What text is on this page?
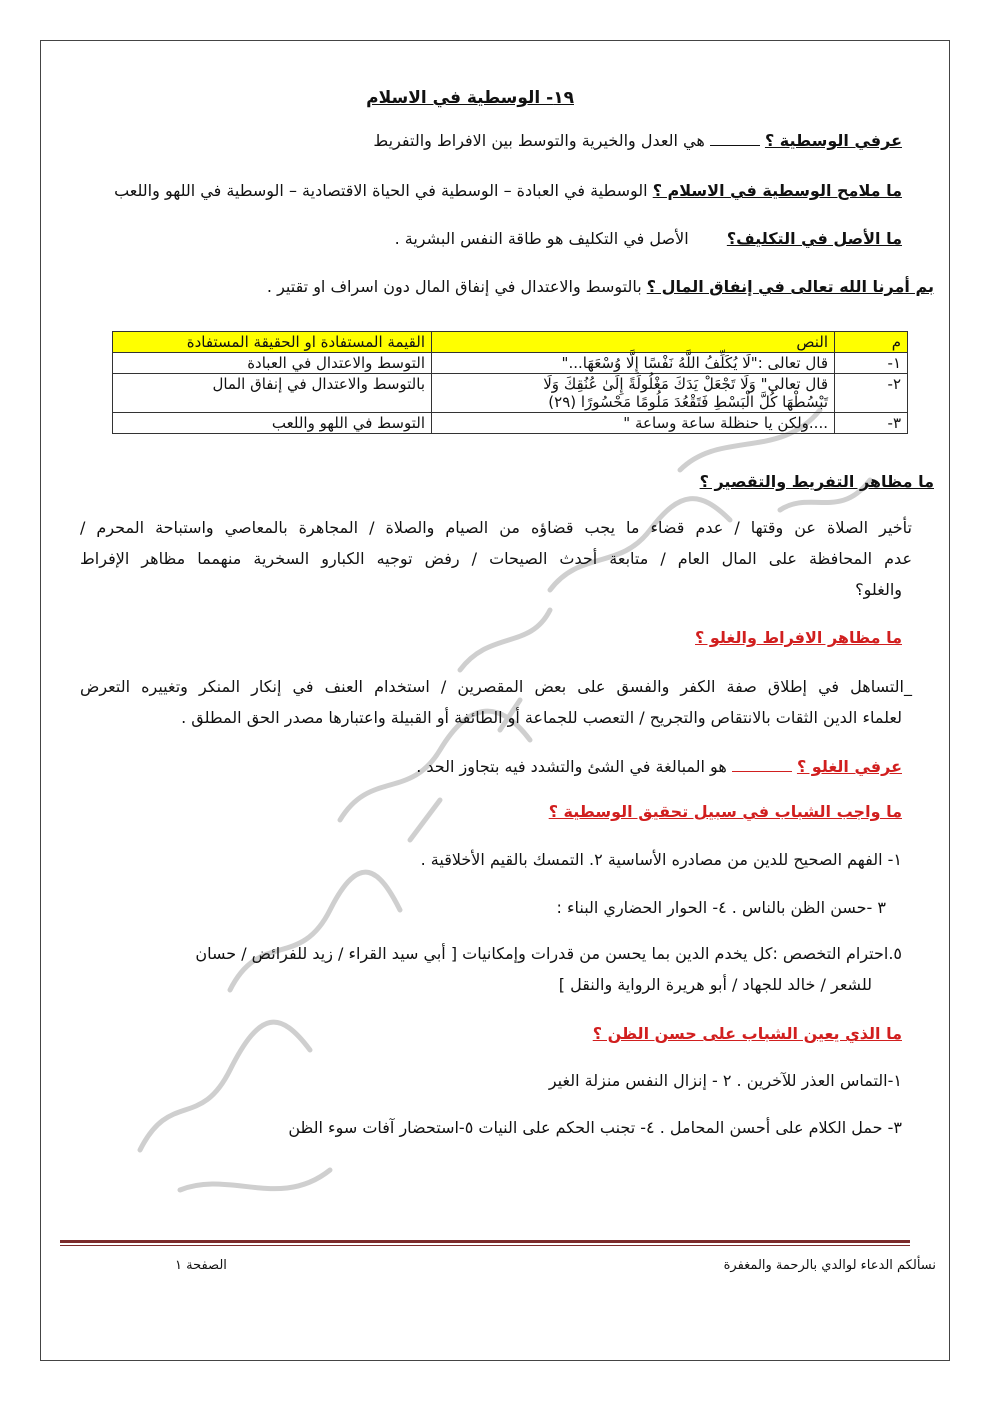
١٩- الوسطية في الاسلام
عرفي الوسطية ؟  هي العدل والخيرية والتوسط بين الافراط والتفريط
ما ملامح الوسطية في الاسلام ؟ الوسطية في العبادة – الوسطية في الحياة الاقتصادية – الوسطية في اللهو واللعب
ما الأصل في التكليف؟  الأصل في التكليف هو طاقة النفس البشرية .
بم أمرنا الله تعالى في إنفاق المال ؟ بالتوسط والاعتدال في إنفاق المال دون اسراف او تقتير .
م	النص	القيمة المستفادة او الحقيقة المستفادة
١-	قال تعالى :"لَا يُكَلِّفُ اللَّهُ نَفْسًا إِلَّا وُسْعَهَا..."	التوسط والاعتدال في العبادة
٢-	قال تعالى" وَلَا تَجْعَلْ يَدَكَ مَغْلُولَةً إِلَىٰ عُنُقِكَ وَلَا
تَبْسُطْهَا كُلَّ الْبَسْطِ فَتَقْعُدَ مَلُومًا مَحْسُورًا (٢٩)	بالتوسط والاعتدال في إنفاق المال
٣-	....ولكن يا حنظلة ساعة وساعة "	التوسط في اللهو واللعب
ما مظاهر التفريط والتقصير ؟
تأخير الصلاة عن وقتها / عدم قضاء ما يجب قضاؤه من الصيام والصلاة / المجاهرة بالمعاصي واستباحة المحرم /
عدم المحافظة على المال العام / متابعة أحدث الصيحات / رفض توجيه الكبارو السخرية منهمما مظاهر الإفراط
والغلو؟
ما مظاهر الافراط والغلو ؟
_التساهل في إطلاق صفة الكفر والفسق على بعض المقصرين / استخدام العنف في إنكار المنكر وتغييره التعرض
لعلماء الدين الثقات بالانتقاص والتجريح / التعصب للجماعة أو الطائفة أو القبيلة واعتبارها مصدر الحق المطلق .
عرفي الغلو ؟  هو المبالغة في الشئ والتشدد فيه بتجاوز الحد .
ما واجب الشباب في سبيل تحقيق الوسطية ؟
١- الفهم الصحيح للدين من مصادره الأساسية ٢. التمسك بالقيم الأخلاقية .
٣ -حسن الظن بالناس . ٤- الحوار الحضاري البناء :
٥.احترام التخصص :كل يخدم الدين بما يحسن من قدرات وإمكانيات [ أبي سيد القراء / زيد للفرائض / حسان
للشعر / خالد للجهاد / أبو هريرة الرواية والنقل ]
ما الذي يعين الشباب على حسن الظن ؟
١-التماس العذر للآخرين . ٢ - إنزال النفس منزلة الغير
٣- حمل الكلام على أحسن المحامل . ٤- تجنب الحكم على النيات ٥-استحضار آفات سوء الظن
الصفحة ١	نسألكم الدعاء لوالدي بالرحمة والمغفرة
